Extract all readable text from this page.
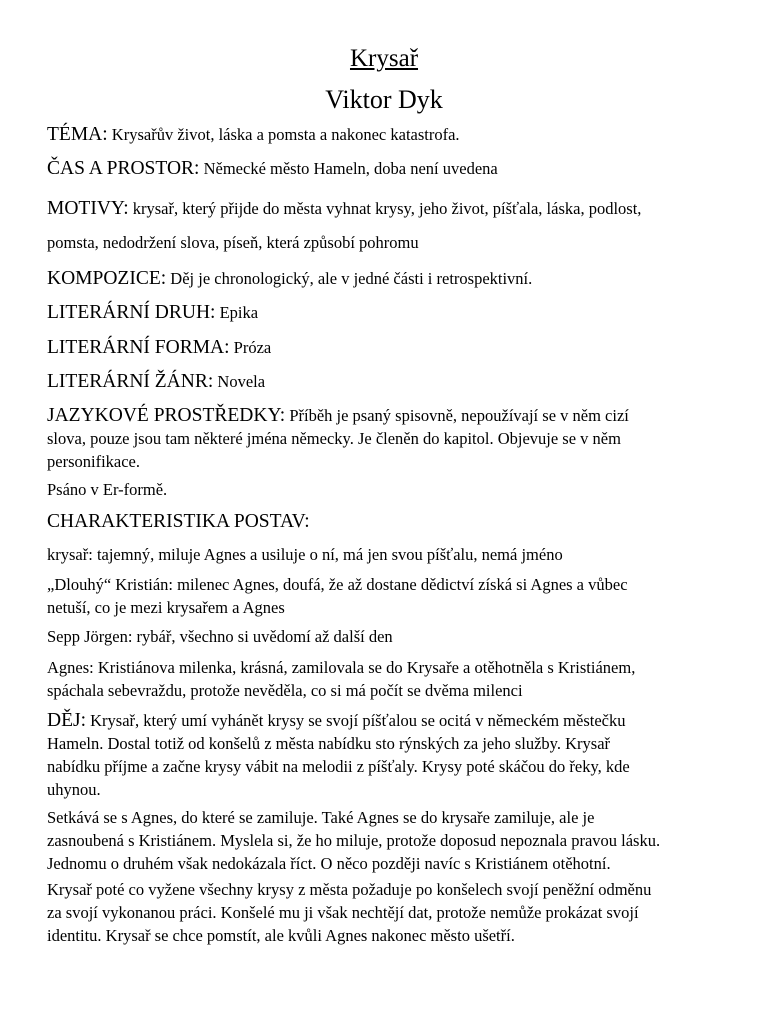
Krysař
Viktor Dyk

TÉMA: Krysařův život, láska a pomsta a nakonec katastrofa.

ČAS A PROSTOR: Německé město Hameln, doba není uvedena

MOTIVY: krysař, který přijde do města vyhnat krysy, jeho život, píšťala, láska, podlost,
pomsta, nedodržení slova, píseň, která způsobí pohromu

KOMPOZICE: Děj je chronologický, ale v jedné části i retrospektivní.

LITERÁRNÍ DRUH: Epika

LITERÁRNÍ FORMA: Próza

LITERÁRNÍ ŽÁNR: Novela

JAZYKOVÉ PROSTŘEDKY: Příběh je psaný spisovně, nepoužívají se v něm cizí
slova, pouze jsou tam některé jména německy. Je členěn do kapitol. Objevuje se v něm
personifikace.

Psáno v Er-formě.

CHARAKTERISTIKA POSTAV:

krysař: tajemný, miluje Agnes a usiluje o ní, má jen svou píšťalu, nemá jméno

„Dlouhý“ Kristián: milenec Agnes, doufá, že až dostane dědictví získá si Agnes a vůbec
netuší, co je mezi krysařem a Agnes

Sepp Jörgen: rybář, všechno si uvědomí až další den

Agnes: Kristiánova milenka, krásná, zamilovala se do Krysaře a otěhotněla s Kristiánem,
spáchala sebevraždu, protože nevěděla, co si má počít se dvěma milenci

DĚJ: Krysař, který umí vyhánět krysy se svojí píšťalou se ocitá v německém městečku
Hameln. Dostal totiž od konšelů z města nabídku sto rýnských za jeho služby. Krysař
nabídku příjme a začne krysy vábit na melodii z píšťaly. Krysy poté skáčou do řeky, kde
uhynou.

Setkává se s Agnes, do které se zamiluje. Také Agnes se do krysaře zamiluje, ale je
zasnoubená s Kristiánem. Myslela si, že ho miluje, protože doposud nepoznala pravou lásku.
Jednomu o druhém však nedokázala říct. O něco později navíc s Kristiánem otěhotní.

Krysař poté co vyžene všechny krysy z města požaduje po konšelech svojí peněžní odměnu
za svojí vykonanou práci. Konšelé mu ji však nechtějí dat, protože nemůže prokázat svojí
identitu. Krysař se chce pomstít, ale kvůli Agnes nakonec město ušetří.
